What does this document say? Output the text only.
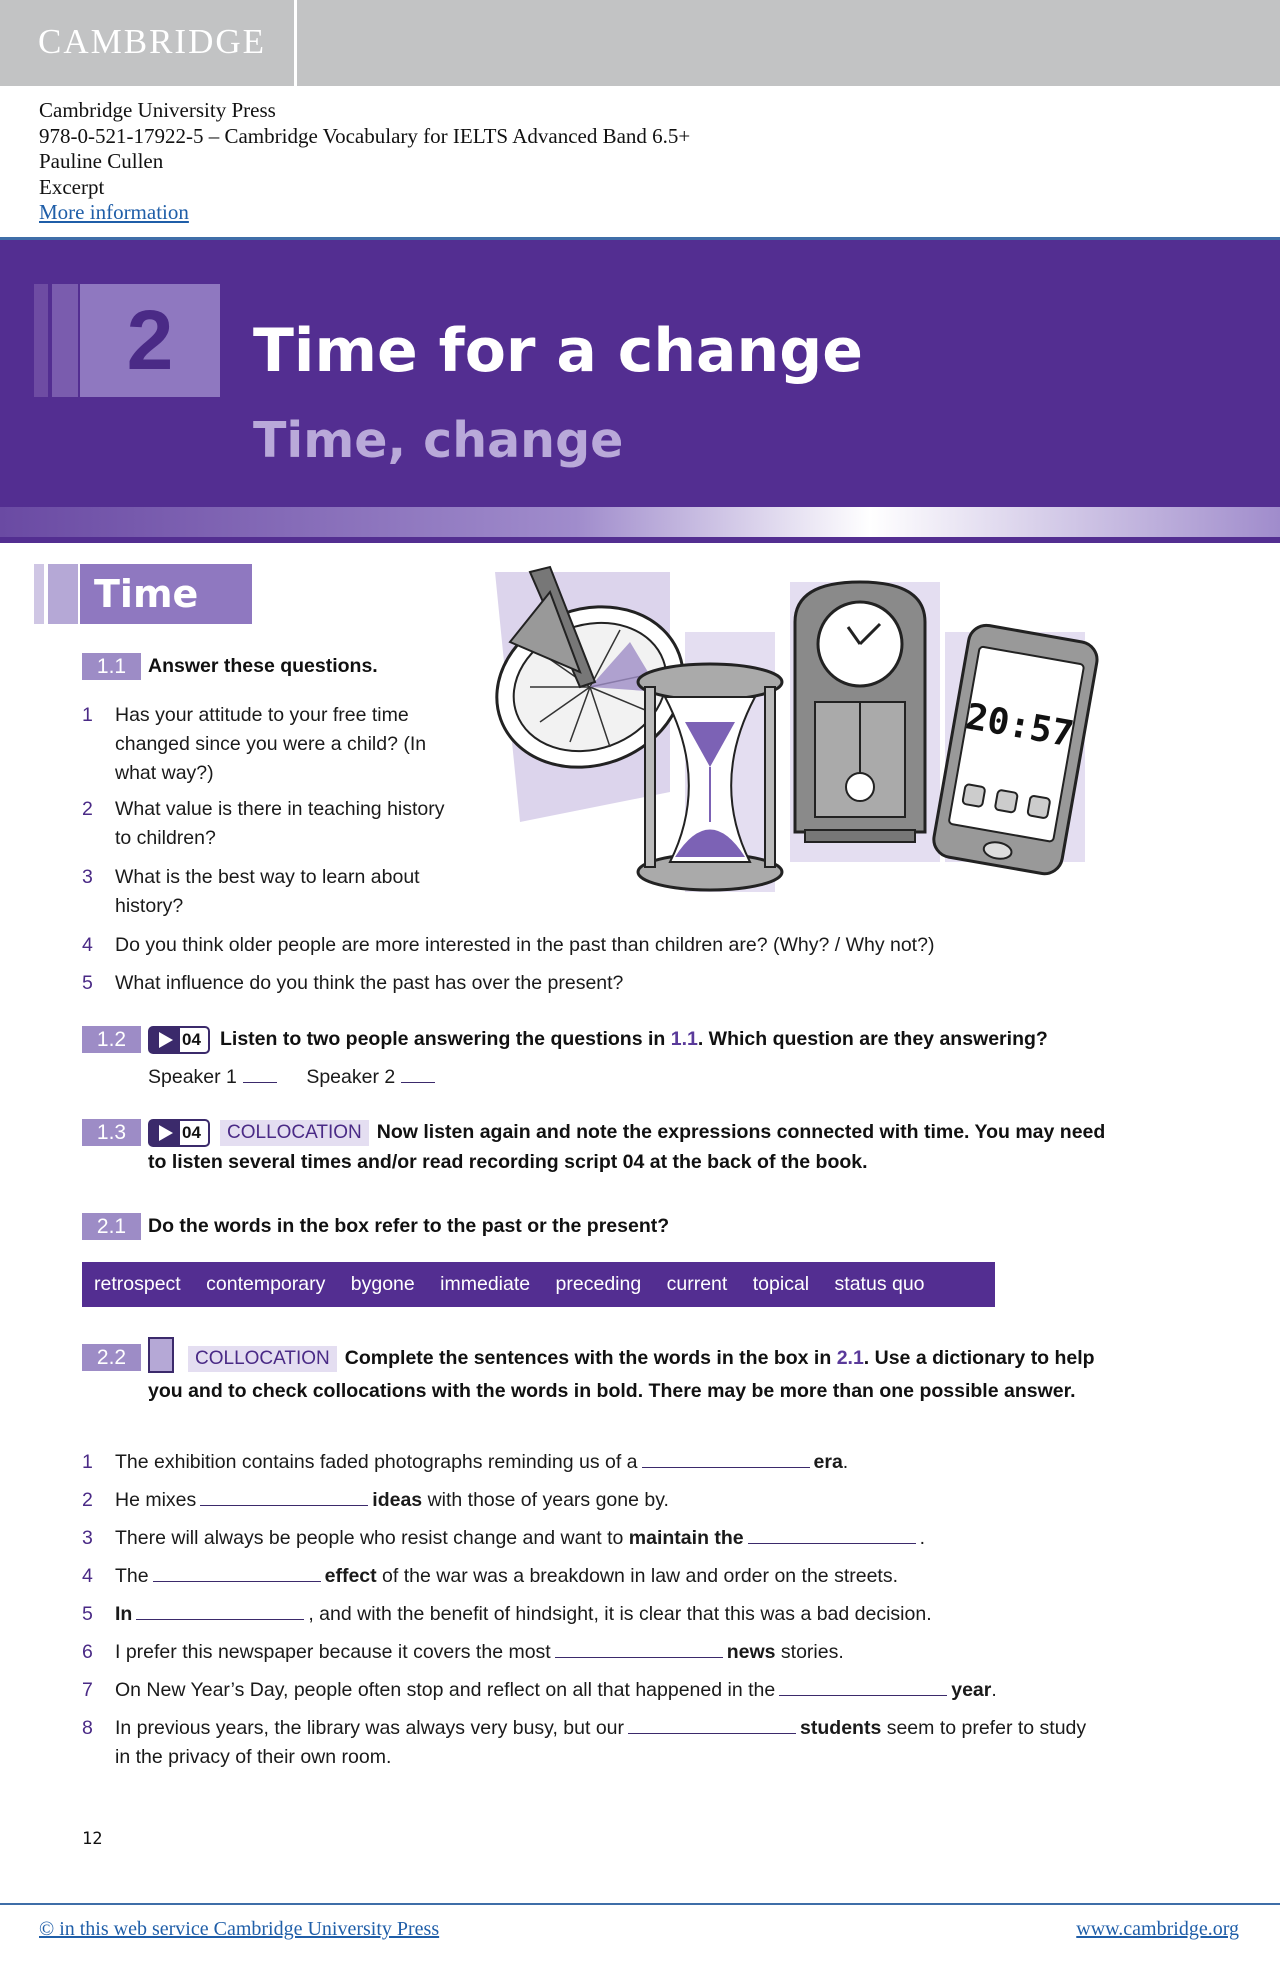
CAMBRIDGE
Cambridge University Press
978-0-521-17922-5 – Cambridge Vocabulary for IELTS Advanced Band 6.5+
Pauline Cullen
Excerpt
More information
2	Time for a change
Time, change
Time
20:57
1.1	Answer these questions.
1 Has your attitude to your free time changed since you were a child? (In what way?)
2 What value is there in teaching history to children?
3 What is the best way to learn about history?
4 Do you think older people are more interested in the past than children are? (Why? / Why not?)
5 What influence do you think the past has over the present?
1.2	04 Listen to two people answering the questions in 1.1. Which question are they answering?
Speaker 1	Speaker 2
1.3	04 COLLOCATION Now listen again and note the expressions connected with time. You may need to listen several times and/or read recording script 04 at the back of the book.
2.1	Do the words in the box refer to the past or the present?
retrospect contemporary bygone immediate preceding current topical status quo
2.2	COLLOCATION Complete the sentences with the words in the box in 2.1. Use a dictionary to help you and to check collocations with the words in bold. There may be more than one possible answer.
1 The exhibition contains faded photographs reminding us of a	era.
2 He mixes	ideas with those of years gone by.
3 There will always be people who resist change and want to maintain the	.
4 The	effect of the war was a breakdown in law and order on the streets.
5 In	, and with the benefit of hindsight, it is clear that this was a bad decision.
6 I prefer this newspaper because it covers the most	news stories.
7 On New Year’s Day, people often stop and reflect on all that happened in the	year.
8 In previous years, the library was always very busy, but our	students seem to prefer to study in the privacy of their own room.
12
© in this web service Cambridge University Press	www.cambridge.org
